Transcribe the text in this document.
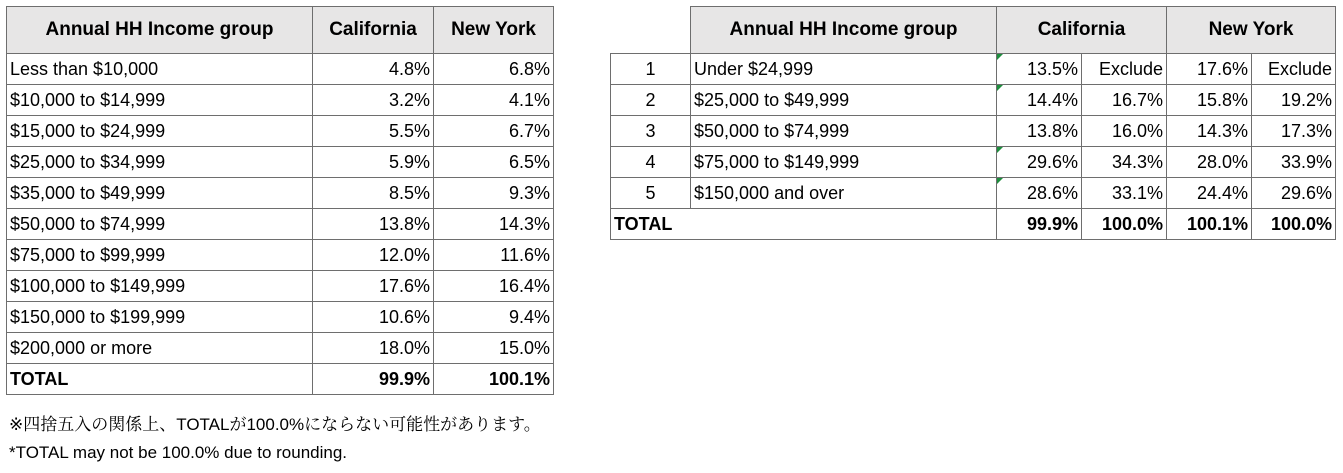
Annual HH Income group	California	New York
Less than $10,000	4.8%	6.8%
$10,000 to $14,999	3.2%	4.1%
$15,000 to $24,999	5.5%	6.7%
$25,000 to $34,999	5.9%	6.5%
$35,000 to $49,999	8.5%	9.3%
$50,000 to $74,999	13.8%	14.3%
$75,000 to $99,999	12.0%	11.6%
$100,000 to $149,999	17.6%	16.4%
$150,000 to $199,999	10.6%	9.4%
$200,000 or more	18.0%	15.0%
TOTAL	99.9%	100.1%
	Annual HH Income group	California		New York	
1	Under $24,999	13.5%	Exclude	17.6%	Exclude
2	$25,000 to $49,999	14.4%	16.7%	15.8%	19.2%
3	$50,000 to $74,999	13.8%	16.0%	14.3%	17.3%
4	$75,000 to $149,999	29.6%	34.3%	28.0%	33.9%
5	$150,000 and over	28.6%	33.1%	24.4%	29.6%
TOTAL		99.9%	100.0%	100.1%	100.0%
※四捨五入の関係上、TOTALが100.0%にならない可能性があります。
*TOTAL may not be 100.0% due to rounding.
